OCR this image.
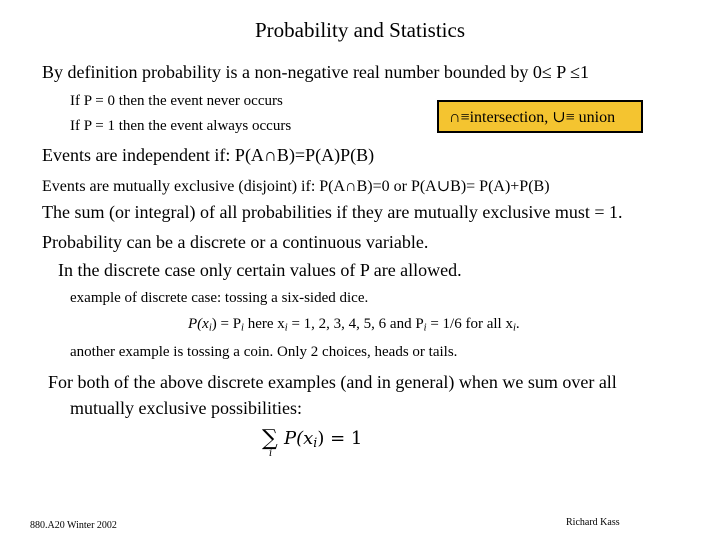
Probability and Statistics
By definition probability is a non-negative real number bounded by 0≤ P ≤1
If P = 0 then the event never occurs
If P = 1 then the event always occurs	∩≡intersection, ∪≡ union
Events are independent if: P(A∩B)=P(A)P(B)
Events are mutually exclusive (disjoint) if: P(A∩B)=0 or P(A∪B)= P(A)+P(B)
The sum (or integral) of all probabilities if they are mutually exclusive must = 1.
Probability can be a discrete or a continuous variable.
In the discrete case only certain values of P are allowed.
example of discrete case: tossing a six-sided dice.
$P(x_i) = P_i$ here $x_i = 1$, 2, 3, 4, 5, 6 and $P_i = 1/6$ for all $x_i$.
another example is tossing a coin. Only 2 choices, heads or tails.
For both of the above discrete examples (and in general) when we sum over all
mutually exclusive possibilities:
∑
i
$P(x_i) = 1$
880.A20 Winter 2002	Richard Kass
